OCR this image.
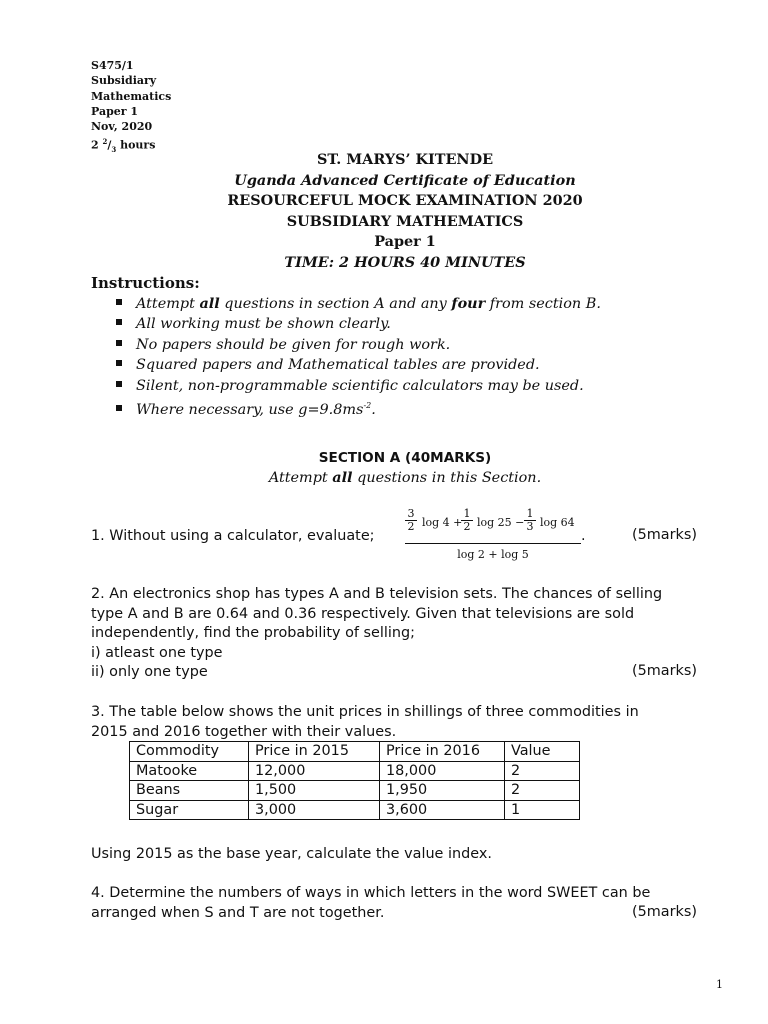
S475/1
Subsidiary
Mathematics
Paper 1
Nov, 2020
2 $^2/_3$ hours
ST. MARYS’ KITENDE
Uganda Advanced Certificate of Education
RESOURCEFUL MOCK EXAMINATION 2020
SUBSIDIARY MATHEMATICS
Paper 1
TIME: 2 HOURS 40 MINUTES
Instructions:
Attempt all questions in section A and any four from section B.
All working must be shown clearly.
No papers should be given for rough work.
Squared papers and Mathematical tables are provided.
Silent, non-programmable scientific calculators may be used.
Where necessary, use $g=9.8ms^{-2}$.
SECTION A (40MARKS)
Attempt all questions in this Section.
1. Without using a calculator, evaluate;
3
2 log 4 +
1
2 log 25 −
1
3 log 64
log 2 + log 5
.	(5marks)
2. An electronics shop has types A and B television sets. The chances of selling
type A and B are 0.64 and 0.36 respectively. Given that televisions are sold
independently, find the probability of selling;
i) atleast one type
ii) only one type	(5marks)
3. The table below shows the unit prices in shillings of three commodities in
2015 and 2016 together with their values.
Commodity	Price in 2015	Price in 2016	Value
Matooke	12,000	18,000	2
Beans	1,500	1,950	2
Sugar	3,000	3,600	1
Using 2015 as the base year, calculate the value index.
4. Determine the numbers of ways in which letters in the word SWEET can be
arranged when S and T are not together.	(5marks)
1
